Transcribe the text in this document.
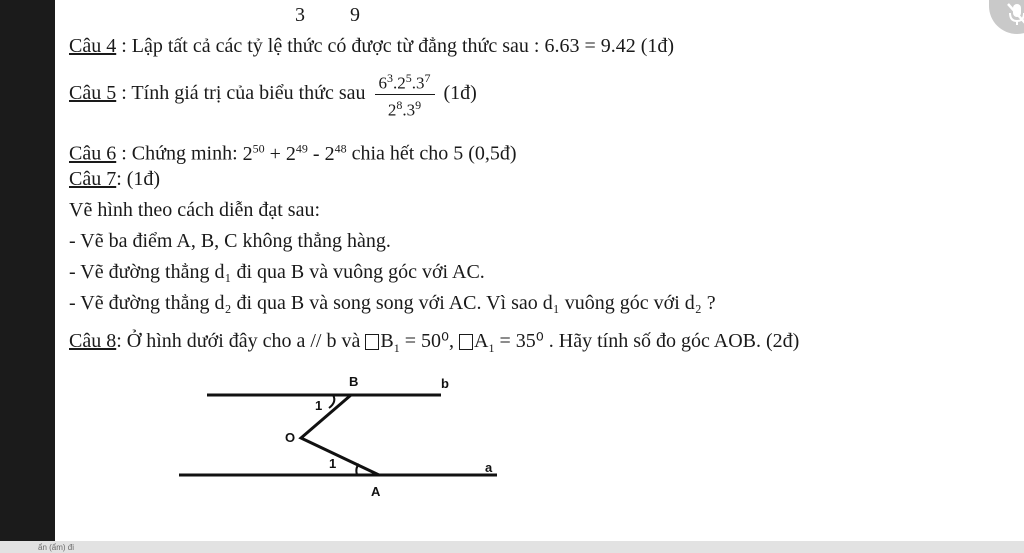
3 9
Câu 4 : Lập tất cả các tỷ lệ thức có được từ đẳng thức sau : 6.63 = 9.42 (1đ)
Câu 5 : Tính giá trị của biểu thức sau $\frac{6^3.2^5.3^7}{2^8.3^9}$ (1đ)
Câu 6 : Chứng minh: $2^{50} + 2^{49} - 2^{48}$ chia hết cho 5 (0,5đ)
Câu 7: (1đ)
Vẽ hình theo cách diễn đạt sau:
- Vẽ ba điểm A, B, C không thẳng hàng.
- Vẽ đường thẳng d₁ đi qua B và vuông góc với AC.
- Vẽ đường thẳng d₂ đi qua B và song song với AC. Vì sao d₁ vuông góc với d₂ ?
Câu 8: Ở hình dưới đây cho a // b và $B_1 = 50^0$, $A_1 = 35^0$ . Hãy tính số đo góc AOB. (2đ)
B	b
1
O
1	a
A
ẩn (ẩm) đi
